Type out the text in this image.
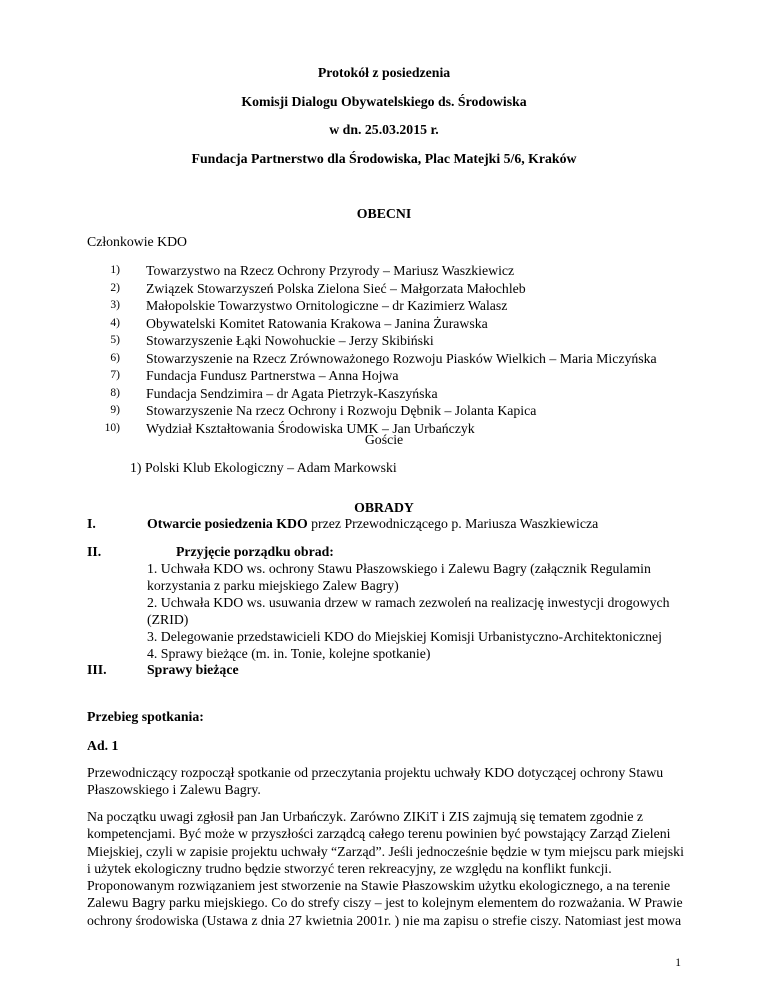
Protokół z posiedzenia
Komisji Dialogu Obywatelskiego ds. Środowiska
w dn. 25.03.2015 r.
Fundacja Partnerstwo dla Środowiska, Plac Matejki 5/6, Kraków
OBECNI
Członkowie KDO
1) Towarzystwo na Rzecz Ochrony Przyrody – Mariusz Waszkiewicz
2) Związek Stowarzyszeń Polska Zielona Sieć – Małgorzata Małochleb
3) Małopolskie Towarzystwo Ornitologiczne – dr Kazimierz Walasz
4) Obywatelski Komitet Ratowania Krakowa – Janina Żurawska
5) Stowarzyszenie Łąki Nowohuckie – Jerzy Skibiński
6) Stowarzyszenie na Rzecz Zrównoważonego Rozwoju Piasków Wielkich – Maria Miczyńska
7) Fundacja Fundusz Partnerstwa – Anna Hojwa
8) Fundacja Sendzimira – dr Agata Pietrzyk-Kaszyńska
9) Stowarzyszenie Na rzecz Ochrony i Rozwoju Dębnik – Jolanta Kapica
10) Wydział Kształtowania Środowiska UMK – Jan Urbańczyk
Goście
1) Polski Klub Ekologiczny – Adam Markowski
OBRADY
I.	Otwarcie posiedzenia KDO przez Przewodniczącego p. Mariusza Waszkiewicza
II.	Przyjęcie porządku obrad:
1. Uchwała KDO ws. ochrony Stawu Płaszowskiego i Zalewu Bagry (załącznik Regulamin korzystania z parku miejskiego Zalew Bagry)
2. Uchwała KDO ws. usuwania drzew w ramach zezwoleń na realizację inwestycji drogowych (ZRID)
3. Delegowanie przedstawicieli KDO do Miejskiej Komisji Urbanistyczno-Architektonicznej
4. Sprawy bieżące (m. in. Tonie, kolejne spotkanie)
III.	Sprawy bieżące
Przebieg spotkania:
Ad. 1
Przewodniczący rozpoczął spotkanie od przeczytania projektu uchwały KDO dotyczącej ochrony Stawu Płaszowskiego i Zalewu Bagry.
Na początku uwagi zgłosił pan Jan Urbańczyk. Zarówno ZIKiT i ZIS zajmują się tematem zgodnie z kompetencjami. Być może w przyszłości zarządcą całego terenu powinien być powstający Zarząd Zieleni Miejskiej, czyli w zapisie projektu uchwały “Zarząd”. Jeśli jednocześnie będzie w tym miejscu park miejski i użytek ekologiczny trudno będzie stworzyć teren rekreacyjny, ze względu na konflikt funkcji. Proponowanym rozwiązaniem jest stworzenie na Stawie Płaszowskim użytku ekologicznego, a na terenie Zalewu Bagry parku miejskiego. Co do strefy ciszy – jest to kolejnym elementem do rozważania. W Prawie ochrony środowiska (Ustawa z dnia 27 kwietnia 2001r. ) nie ma zapisu o strefie ciszy. Natomiast jest mowa
1
